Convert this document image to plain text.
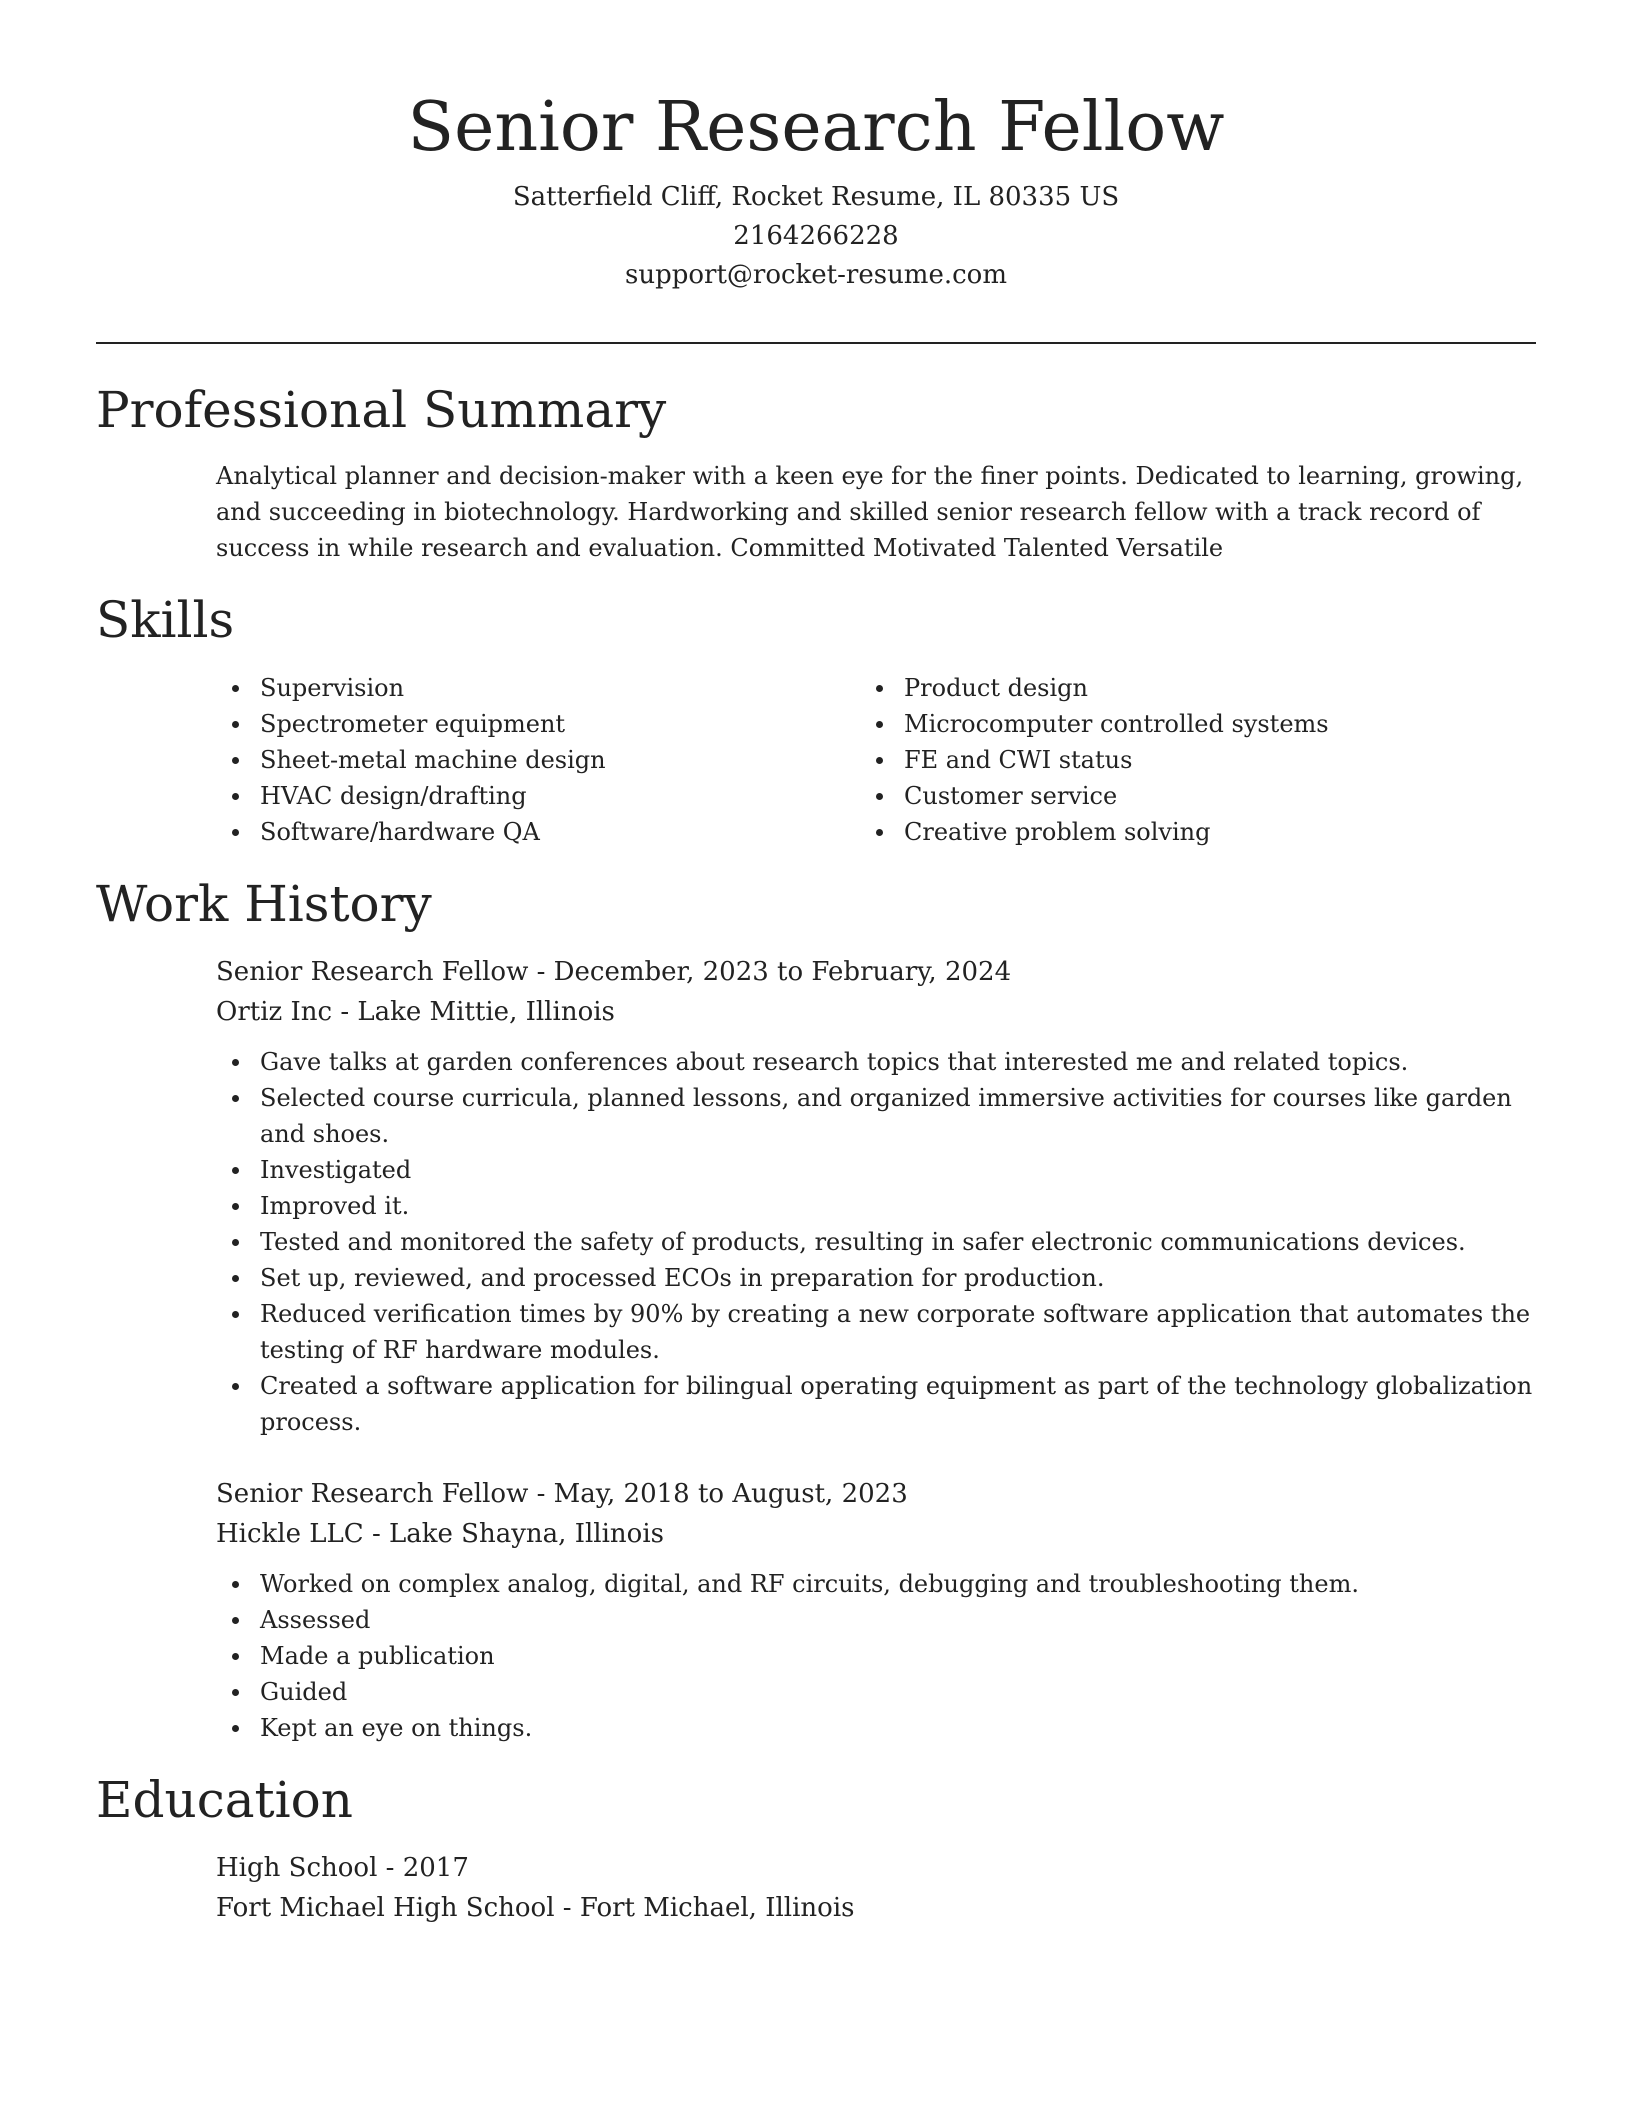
Senior Research Fellow
Satterfield Cliff, Rocket Resume, IL 80335 US
2164266228
support@rocket-resume.com
Professional Summary

Analytical planner and decision-maker with a keen eye for the finer points. Dedicated to learning, growing, and succeeding in biotechnology. Hardworking and skilled senior research fellow with a track record of success in while research and evaluation. Committed Motivated Talented Versatile

Skills
Supervision
Spectrometer equipment
Sheet-metal machine design
HVAC design/drafting
Software/hardware QA
Product design
Microcomputer controlled systems
FE and CWI status
Customer service
Creative problem solving
Work History

Senior Research Fellow - December, 2023 to February, 2024

Ortiz Inc - Lake Mittie, Illinois

Gave talks at garden conferences about research topics that interested me and related topics.
Selected course curricula, planned lessons, and organized immersive activities for courses like garden and shoes.
Investigated
Improved it.
Tested and monitored the safety of products, resulting in safer electronic communications devices.
Set up, reviewed, and processed ECOs in preparation for production.
Reduced verification times by 90% by creating a new corporate software application that automates the testing of RF hardware modules.
Created a software application for bilingual operating equipment as part of the technology globalization process.

Senior Research Fellow - May, 2018 to August, 2023

Hickle LLC - Lake Shayna, Illinois

Worked on complex analog, digital, and RF circuits, debugging and troubleshooting them.
Assessed
Made a publication
Guided
Kept an eye on things.
Education

High School - 2017

Fort Michael High School - Fort Michael, Illinois
